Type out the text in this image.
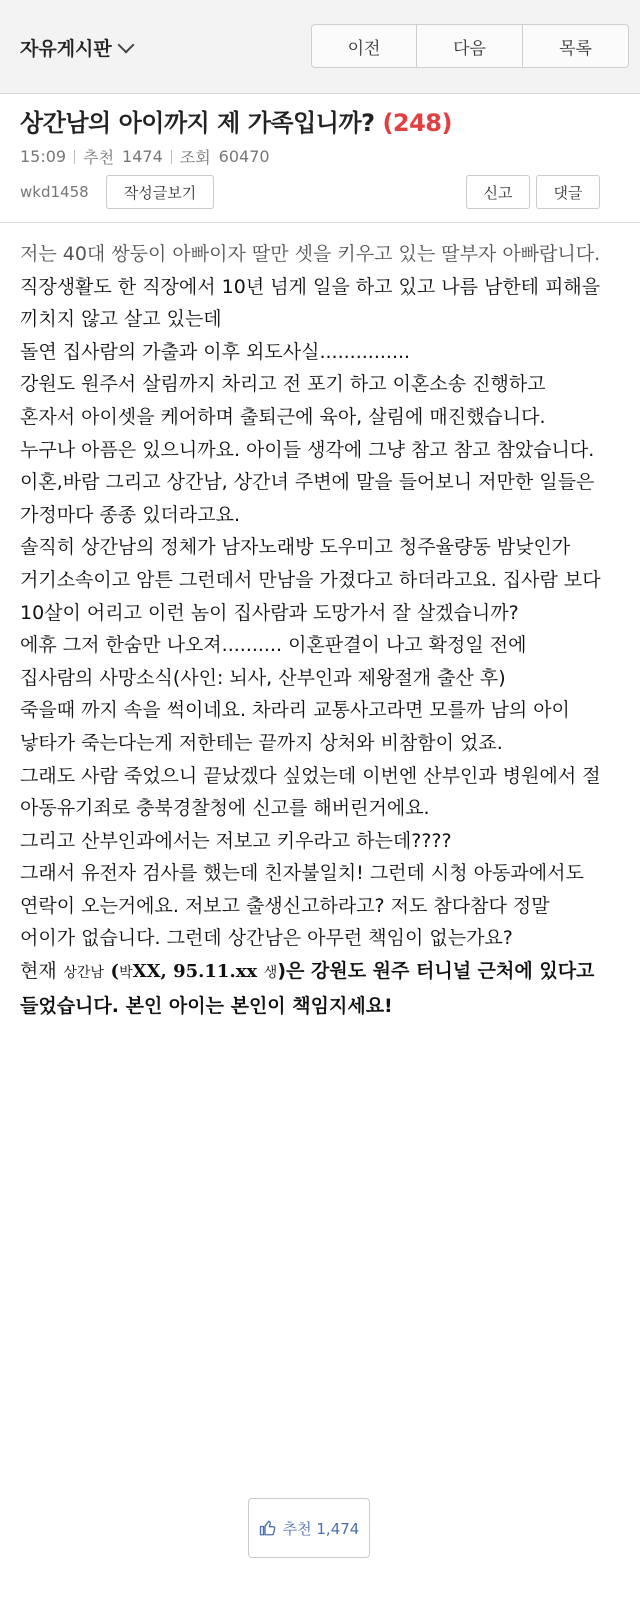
자유게시판	이전	다음	목록
상간남의 아이까지 제 가족입니까? (248)
15:09 추천 1474 조회 60470
wkd1458	작성글보기	신고	댓글

저는 40대 쌍둥이 아빠이자 딸만 셋을 키우고 있는 딸부자 아빠랍니다.

직장생활도 한 직장에서 10년 넘게 일을 하고 있고 나름 남한테 피해을 끼치지 않고 살고 있는데

돌연 집사람의 가출과 이후 외도사실...............

강원도 원주서 살림까지 차리고 전 포기 하고 이혼소송 진행하고 혼자서 아이셋을 케어하며 출퇴근에 육아, 살림에 매진했습니다. 누구나 아픔은 있으니까요. 아이들 생각에 그냥 참고 참고 참았습니다.

이혼,바람 그리고 상간남, 상간녀 주변에 말을 들어보니 저만한 일들은 가정마다 종종 있더라고요.

솔직히 상간남의 정체가 남자노래방 도우미고 청주율량동 밤낮인가 거기소속이고 암튼 그런데서 만남을 가졌다고 하더라고요. 집사람 보다 10살이 어리고 이런 놈이 집사람과 도망가서 잘 살겠습니까?

에휴 그저 한숨만 나오져.......... 이혼판결이 나고 확정일 전에 집사람의 사망소식(사인: 뇌사, 산부인과 제왕절개 출산 후)

죽을때 까지 속을 썩이네요. 차라리 교통사고라면 모를까 남의 아이 낳타가 죽는다는게 저한테는 끝까지 상처와 비참함이 었죠.

그래도 사람 죽었으니 끝났겠다 싶었는데 이번엔 산부인과 병원에서 절 아동유기죄로 충북경찰청에 신고를 해버린거에요.

그리고 산부인과에서는 저보고 키우라고 하는데????

그래서 유전자 검사를 했는데 친자불일치! 그런데 시청 아동과에서도 연락이 오는거에요. 저보고 출생신고하라고? 저도 참다참다 정말 어이가 없습니다. 그런데 상간남은 아무런 책임이 없는가요?

현재 상간남 (박XX, 95.11.xx 생)은 강원도 원주 터니널 근처에 있다고 들었습니다. 본인 아이는 본인이 책임지세요!

추천 1,474
